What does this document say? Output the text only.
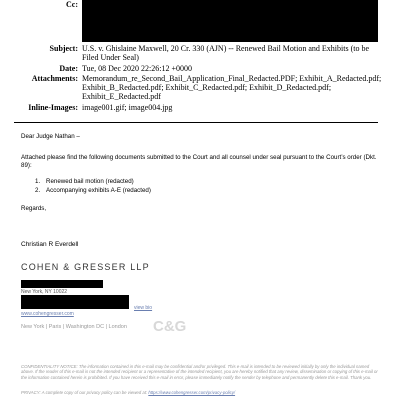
Cc:
Subject: U.S. v. Ghislaine Maxwell, 20 Cr. 330 (AJN) -- Renewed Bail Motion and Exhibits (to be Filed Under Seal)
Date: Tue, 08 Dec 2020 22:26:12 +0000
Attachments: Memorandum_re_Second_Bail_Application_Final_Redacted.PDF; Exhibit_A_Redacted.pdf; Exhibit_B_Redacted.pdf; Exhibit_C_Redacted.pdf; Exhibit_D_Redacted.pdf; Exhibit_E_Redacted.pdf
Inline-Images: image001.gif; image004.jpg
Dear Judge Nathan –
Attached please find the following documents submitted to the Court and all counsel under seal pursuant to the Court’s order (Dkt. 89):
1. Renewed bail motion (redacted)
2. Accompanying exhibits A-E (redacted)
Regards,
Christian R Everdell
COHEN & GRESSER LLP
New York, NY 10022
view bio
www.cohengresser.com
New York | Paris | Washington DC | London C&G
CONFIDENTIALITY NOTICE: The information contained in this e-mail may be confidential and/or privileged. This e-mail is intended to be reviewed initially by only the individual named above. If the reader of this e-mail is not the intended recipient or a representative of the intended recipient, you are hereby notified that any review, dissemination or copying of this e-mail or the information contained herein is prohibited. If you have received this e-mail in error, please immediately notify the sender by telephone and permanently delete this e-mail. Thank you.
PRIVACY: A complete copy of our privacy policy can be viewed at: https://www.cohengresser.com/privacy-policy/
